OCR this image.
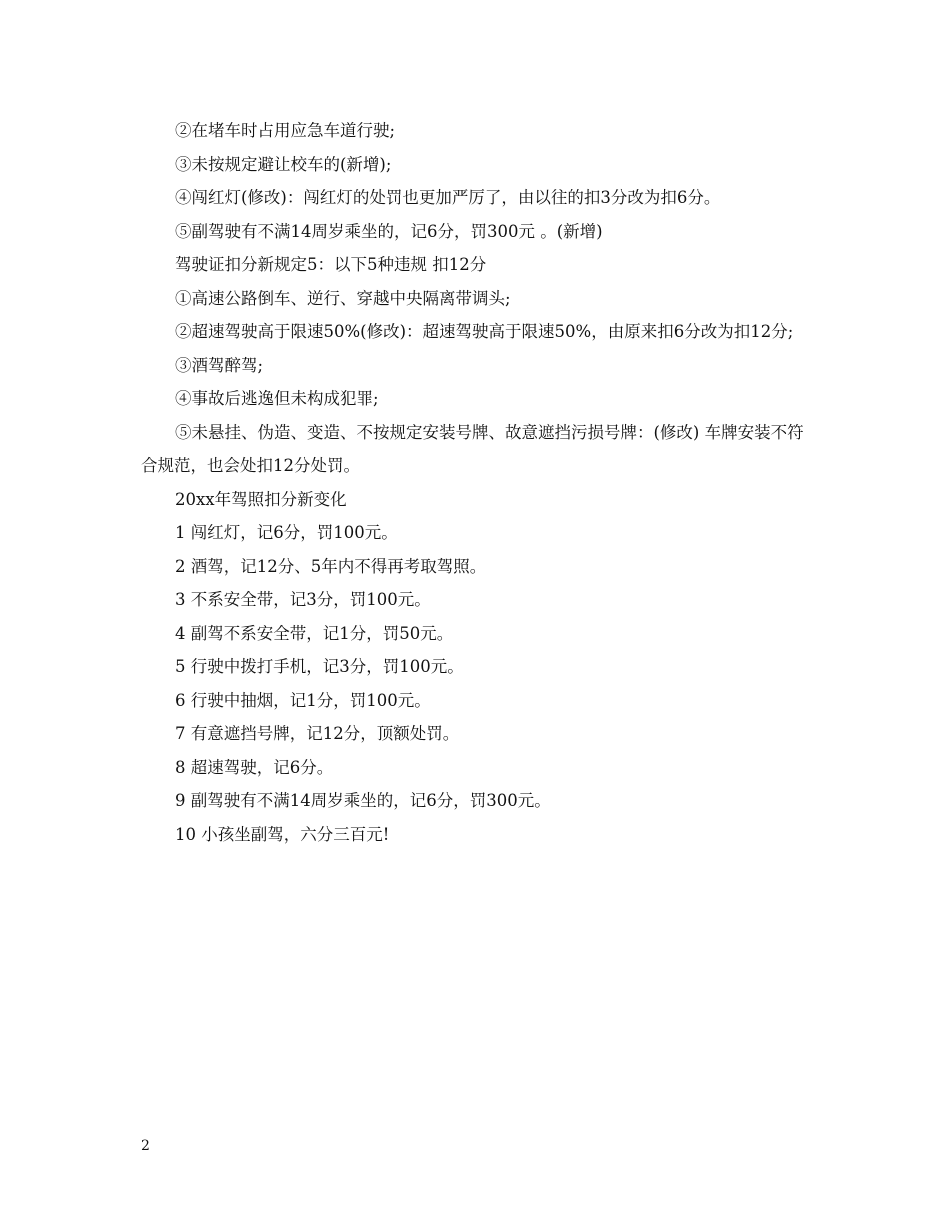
②在堵车时占用应急车道行驶;

③未按规定避让校车的(新增);

④闯红灯(修改)：闯红灯的处罚也更加严厉了，由以往的扣3分改为扣6分。

⑤副驾驶有不满14周岁乘坐的，记6分，罚300元 。(新增)

驾驶证扣分新规定5：以下5种违规 扣12分

①高速公路倒车、逆行、穿越中央隔离带调头;

②超速驾驶高于限速50%(修改)：超速驾驶高于限速50%，由原来扣6分改为扣12分;

③酒驾醉驾;

④事故后逃逸但未构成犯罪;

⑤未悬挂、伪造、变造、不按规定安装号牌、故意遮挡污损号牌：(修改) 车牌安装不符合规范，也会处扣12分处罚。

20xx年驾照扣分新变化

1 闯红灯，记6分，罚100元。

2 酒驾，记12分、5年内不得再考取驾照。

3 不系安全带，记3分，罚100元。

4 副驾不系安全带，记1分，罚50元。

5 行驶中拨打手机，记3分，罚100元。

6 行驶中抽烟，记1分，罚100元。

7 有意遮挡号牌，记12分，顶额处罚。

8 超速驾驶，记6分。

9 副驾驶有不满14周岁乘坐的，记6分，罚300元。

10 小孩坐副驾，六分三百元!

2
